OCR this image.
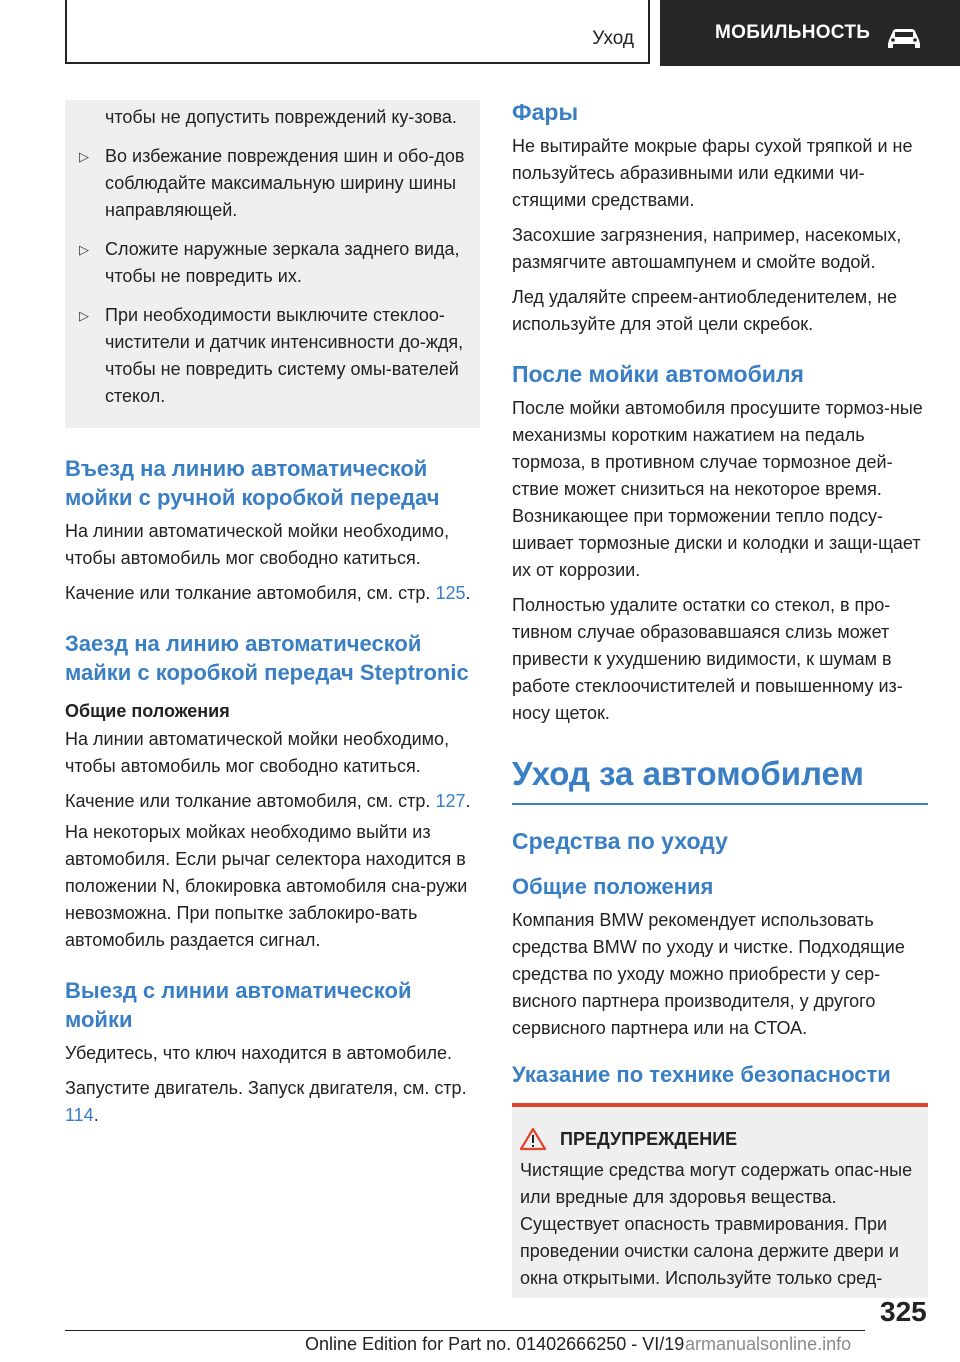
Уход	МОБИЛЬНОСТЬ
чтобы не допустить повреждений ку-зова.
▷ Во избежание повреждения шин и обо-дов соблюдайте максимальную ширину шины направляющей.
▷ Сложите наружные зеркала заднего вида, чтобы не повредить их.
▷ При необходимости выключите стеклоо-чистители и датчик интенсивности до-ждя, чтобы не повредить систему омы-вателей стекол.
Въезд на линию автоматической мойки с ручной коробкой передач

На линии автоматической мойки необходимо, чтобы автомобиль мог свободно катиться.

Качение или толкание автомобиля, см. стр. 125.

Заезд на линию автоматической майки с коробкой передач Steptronic
Общие положения

На линии автоматической мойки необходимо, чтобы автомобиль мог свободно катиться.

Качение или толкание автомобиля, см. стр. 127.

На некоторых мойках необходимо выйти из автомобиля. Если рычаг селектора находится в положении N, блокировка автомобиля сна-ружи невозможна. При попытке заблокиро-вать автомобиль раздается сигнал.

Выезд с линии автоматической мойки

Убедитесь, что ключ находится в автомобиле.

Запустите двигатель. Запуск двигателя, см. стр. 114.

Фары

Не вытирайте мокрые фары сухой тряпкой и не пользуйтесь абразивными или едкими чи-стящими средствами.

Засохшие загрязнения, например, насекомых, размягчите автошампунем и смойте водой.

Лед удаляйте спреем-антиобледенителем, не используйте для этой цели скребок.

После мойки автомобиля

После мойки автомобиля просушите тормоз-ные механизмы коротким нажатием на педаль тормоза, в противном случае тормозное дей-ствие может снизиться на некоторое время. Возникающее при торможении тепло подсу-шивает тормозные диски и колодки и защи-щает их от коррозии.

Полностью удалите остатки со стекол, в про-тивном случае образовавшаяся слизь может привести к ухудшению видимости, к шумам в работе стеклоочистителей и повышенному из-носу щеток.

Уход за автомобилем
Средства по уходу
Общие положения

Компания BMW рекомендует использовать средства BMW по уходу и чистке. Подходящие средства по уходу можно приобрести у сер-висного партнера производителя, у другого сервисного партнера или на СТОА.

Указание по технике безопасности
ПРЕДУПРЕЖДЕНИЕ

Чистящие средства могут содержать опас-ные или вредные для здоровья вещества. Существует опасность травмирования. При проведении очистки салона держите двери и окна открытыми. Используйте только сред-

325
Online Edition for Part no. 01402666250 - VI/19 armanualsonline.info
